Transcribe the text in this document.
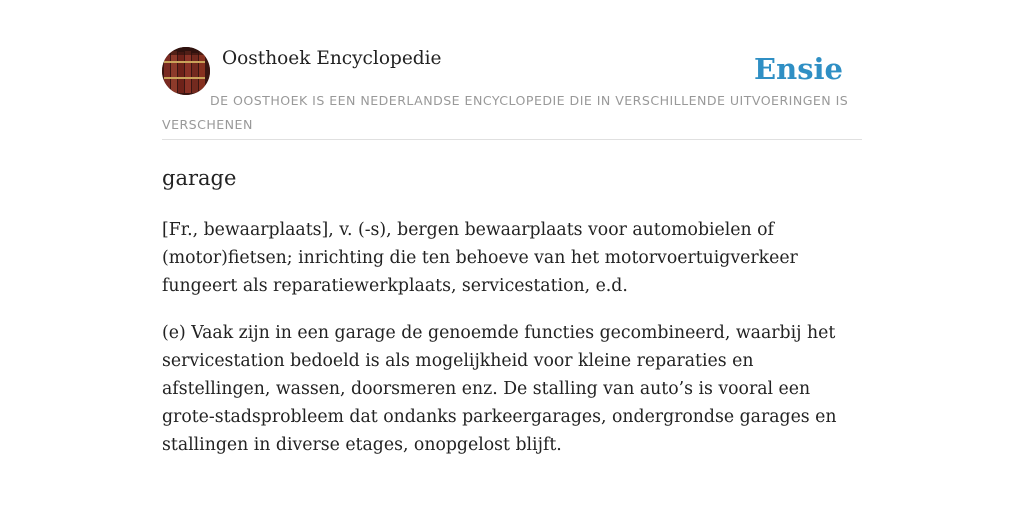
Oosthoek Encyclopedie	Ensie
DE OOSTHOEK IS EEN NEDERLANDSE ENCYCLOPEDIE DIE IN VERSCHILLENDE UITVOERINGEN IS VERSCHENEN
garage

[Fr., bewaarplaats], v. (-s), bergen bewaarplaats voor automobielen of (motor)fietsen; inrichting die ten behoeve van het motorvoertuigverkeer fungeert als reparatiewerkplaats, servicestation, e.d.

(e) Vaak zijn in een garage de genoemde functies gecombineerd, waarbij het servicestation bedoeld is als mogelijkheid voor kleine reparaties en afstellingen, wassen, doorsmeren enz. De stalling van auto’s is vooral een grote-stadsprobleem dat ondanks parkeergarages, ondergrondse garages en stallingen in diverse etages, onopgelost blijft.
